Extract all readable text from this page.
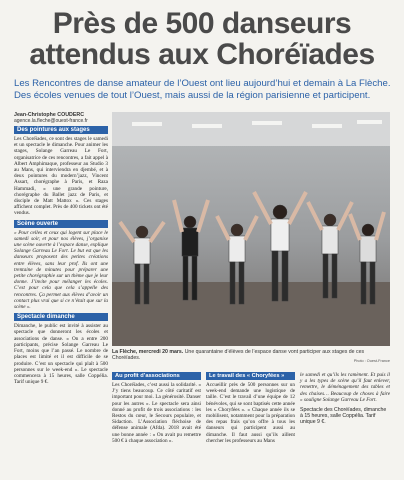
Près de 500 danseurs
attendus aux Choréïades
Les Rencontres de danse amateur de l’Ouest ont lieu aujourd’hui et demain à La Flèche. Des écoles venues de tout l’Ouest, mais aussi de la région parisienne et participent.
Jean-Christophe COUDERC
agence.la.fleche@ouest-france.fr
Des pointures aux stages

Les Choréïades, ce sont des stages le samedi et un spectacle le dimanche. Pour animer les stages, Solange Garreau Le Fort, organisatrice de ces rencontres, a fait appel à Albert Amphimaque, professeur au Studio 3 au Mans, qui interviendra en djembé, et à deux pointures du modern’jazz, Vincent Assart, chorégraphe à Paris, et Raza Hammadi, « une grande pointure, chorégraphe du Ballet jazz de Paris, et disciple de Matt Mattox ». Ces stages affichent complet. Près de 400 tickets ont été vendus.

Scène ouverte

« Pour celles et ceux qui logent sur place le samedi soir, et pour nos élèves, j’organise une scène ouverte à l’espace danse, explique Solange Garreau Le Fort. Le but est que les danseurs proposent des petites créations entre élèves, sans leur prof. Ils ont une trentaine de minutes pour préparer une petite chorégraphie sur un thème que je leur donne. J’invite pour mélanger les écoles. C’est pour cela que cela s’appelle des rencontres. Ça permet aux élèves d’avoir un contact plus vrai que si ce n’était que sur la scène ».

Spectacle dimanche

Dimanche, le public est invité à assister au spectacle que donneront les écoles et associations de danse. « On a entre 200 participants, précise Solange Garreau Le Fort, moins que l’an passé. Le nombre de places est limité et il est difficile de se produire. C’est un spectacle qui plaît à 500 personnes sur le week-end ». Le spectacle commencera à 15 heures, salle Coppélia. Tarif unique 9 €.

La Flèche, mercredi 20 mars. Une quarantaine d’élèves de l’espace danse vont participer aux stages de ces Choréïades.	Photo : Ouest-France
Au profit d’associations

Les Choréïades, c’est aussi la solidarité. « J’y tiens beaucoup. Ce côté caritatif est important pour moi. La générosité. Danser pour les autres ». Le spectacle sera ainsi donné au profit de trois associations : les Restos du cœur, le Secours populaire, et Sidaction. L’Association fléchoise de défense animale (Afda). 2018 avait été une bonne année : « On avait pu remettre 500 € à chaque association ».

Le travail des « Choryfées »

Accueillir près de 500 personnes sur un week-end demande une logistique de taille. C’est le travail d’une équipe de 12 bénévoles, qui se sont baptisés cette année les « Choryfées ». « Chaque année ils se mobilisent, notamment pour la préparation des repas frais qu’on offre à tous les danseurs qui participent aussi au dimanche. Il faut aussi qu’ils aillent chercher les professeurs au Mans

le samedi et qu’ils les ramènent. Et puis il y a les types de scène qu’il faut enlever, remettre, le déménagement des tables et des chaises… Beaucoup de choses à faire » souligne Solange Garreau Le Fort.

Spectacle des Choréïades, dimanche à 15 heures, salle Coppélia. Tarif unique 9 €.
